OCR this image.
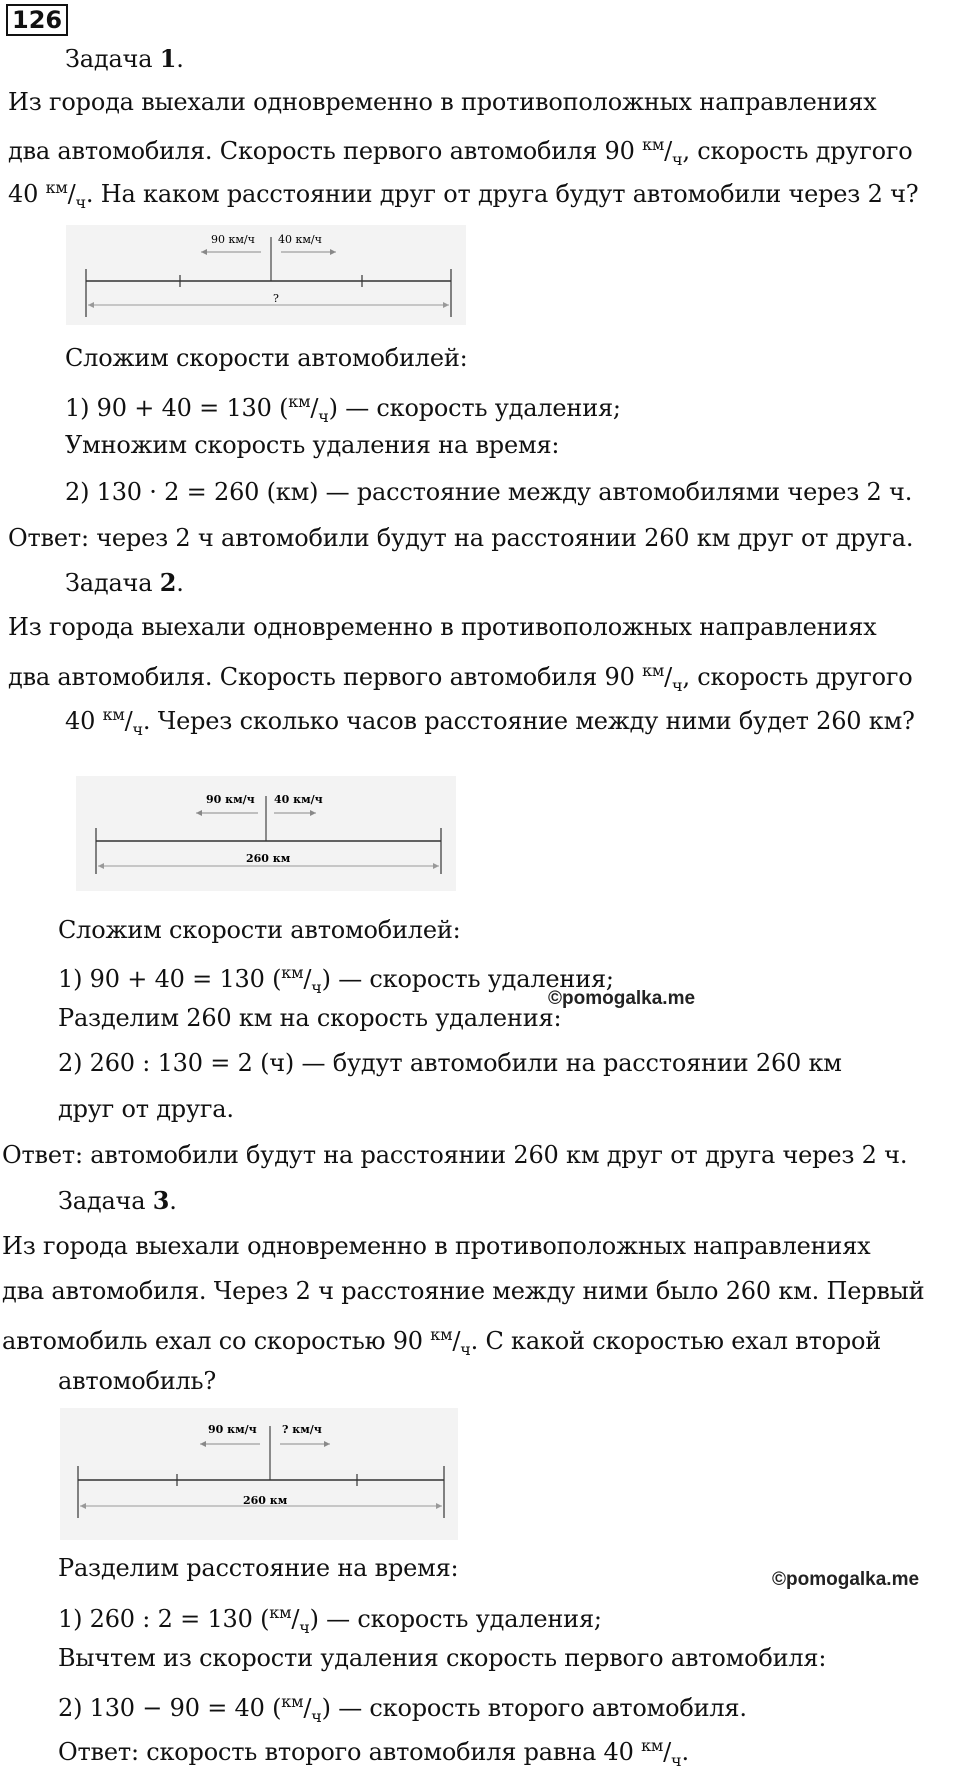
126
Задача 1.
Из города выехали одновременно в противоположных направлениях
два автомобиля. Скорость первого автомобиля 90 $^{км}/_ч$, скорость другого
40 $^{км}/_ч$. На каком расстоянии друг от друга будут автомобили через 2 ч?
90 км/ч 40 км/ч
?
Сложим скорости автомобилей:
1) 90 + 40 = 130 $(^{км}/_ч)$ — скорость удаления;
Умножим скорость удаления на время:
2) 130 · 2 = 260 (км) — расстояние между автомобилями через 2 ч.
Ответ: через 2 ч автомобили будут на расстоянии 260 км друг от друга.
Задача 2.
Из города выехали одновременно в противоположных направлениях
два автомобиля. Скорость первого автомобиля 90 $^{км}/_ч$, скорость другого
40 $^{км}/_ч$. Через сколько часов расстояние между ними будет 260 км?
90 км/ч 40 км/ч
260 км
Сложим скорости автомобилей:
1) 90 + 40 = 130 $(^{км}/_ч)$ — скорость удаления;
©pomogalka.me
Разделим 260 км на скорость удаления:
2) 260 : 130 = 2 (ч) — будут автомобили на расстоянии 260 км
друг от друга.
Ответ: автомобили будут на расстоянии 260 км друг от друга через 2 ч.
Задача 3.
Из города выехали одновременно в противоположных направлениях
два автомобиля. Через 2 ч расстояние между ними было 260 км. Первый
автомобиль ехал со скоростью 90 $^{км}/_ч$. С какой скоростью ехал второй
автомобиль?
90 км/ч ? км/ч
260 км
Разделим расстояние на время:	©pomogalka.me
1) 260 : 2 = 130 $(^{км}/_ч)$ — скорость удаления;
Вычтем из скорости удаления скорость первого автомобиля:
2) 130 − 90 = 40 $(^{км}/_ч)$ — скорость второго автомобиля.
Ответ: скорость второго автомобиля равна 40 $^{км}/_ч$.
